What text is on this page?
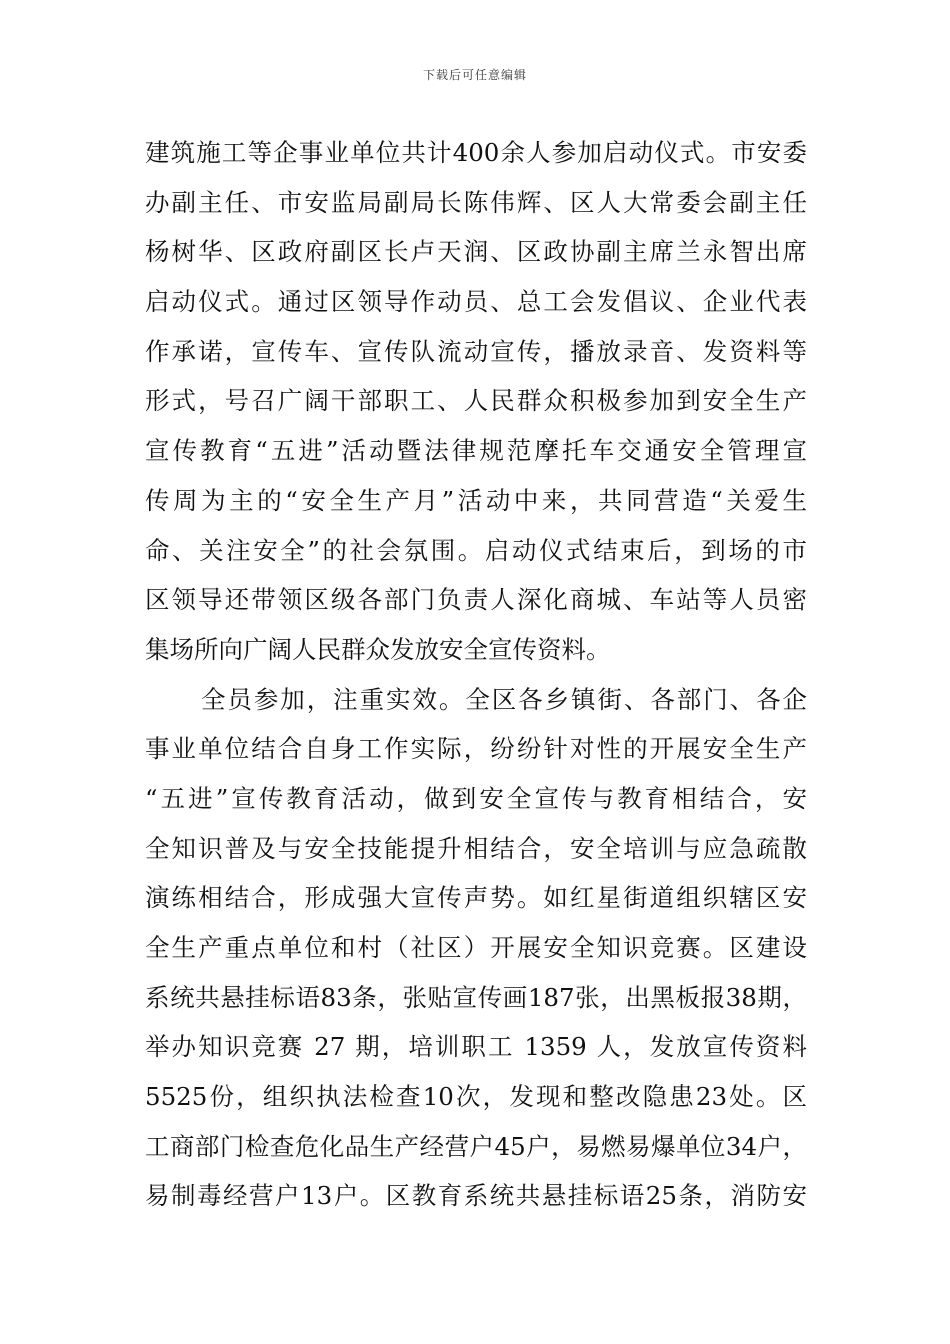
下载后可任意编辑
建筑施工等企事业单位共计400余人参加启动仪式。市安委
办副主任、市安监局副局长陈伟辉、区人大常委会副主任
杨树华、区政府副区长卢天润、区政协副主席兰永智出席
启动仪式。通过区领导作动员、总工会发倡议、企业代表
作承诺，宣传车、宣传队流动宣传，播放录音、发资料等
形式，号召广阔干部职工、人民群众积极参加到安全生产
宣传教育“五进”活动暨法律规范摩托车交通安全管理宣
传周为主的“安全生产月”活动中来，共同营造“关爱生
命、关注安全”的社会氛围。启动仪式结束后，到场的市
区领导还带领区级各部门负责人深化商城、车站等人员密
集场所向广阔人民群众发放安全宣传资料。
全员参加，注重实效。全区各乡镇街、各部门、各企
事业单位结合自身工作实际，纷纷针对性的开展安全生产
“五进”宣传教育活动，做到安全宣传与教育相结合，安
全知识普及与安全技能提升相结合，安全培训与应急疏散
演练相结合，形成强大宣传声势。如红星街道组织辖区安
全生产重点单位和村（社区）开展安全知识竞赛。区建设
系统共悬挂标语83条，张贴宣传画187张，出黑板报38期，
举办知识竞赛 27 期，培训职工 1359 人，发放宣传资料
5525份，组织执法检查10次，发现和整改隐患23处。区
工商部门检查危化品生产经营户45户，易燃易爆单位34户，
易制毒经营户13户。区教育系统共悬挂标语25条，消防安
